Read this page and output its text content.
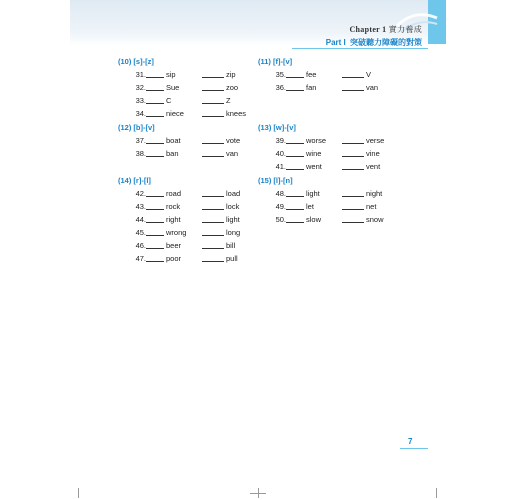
Chapter 1 實力養成
Part I 突破聽力障礙的對策
(10) [s]-[z]
31.	sip	zip
32.	Sue	zoo
33.	C	Z
34.	niece	knees
(11) [f]-[v]
35.	fee	V
36.	fan	van
(12) [b]-[v]
37.	boat	vote
38.	ban	van
(13) [w]-[v]
39.	worse	verse
40.	wine	vine
41.	went	vent
(14) [r]-[l]
42.	road	load
43.	rock	lock
44.	right	light
45.	wrong	long
46.	beer	bill
47.	poor	pull
(15) [l]-[n]
48.	light	night
49.	let	net
50.	slow	snow
7
